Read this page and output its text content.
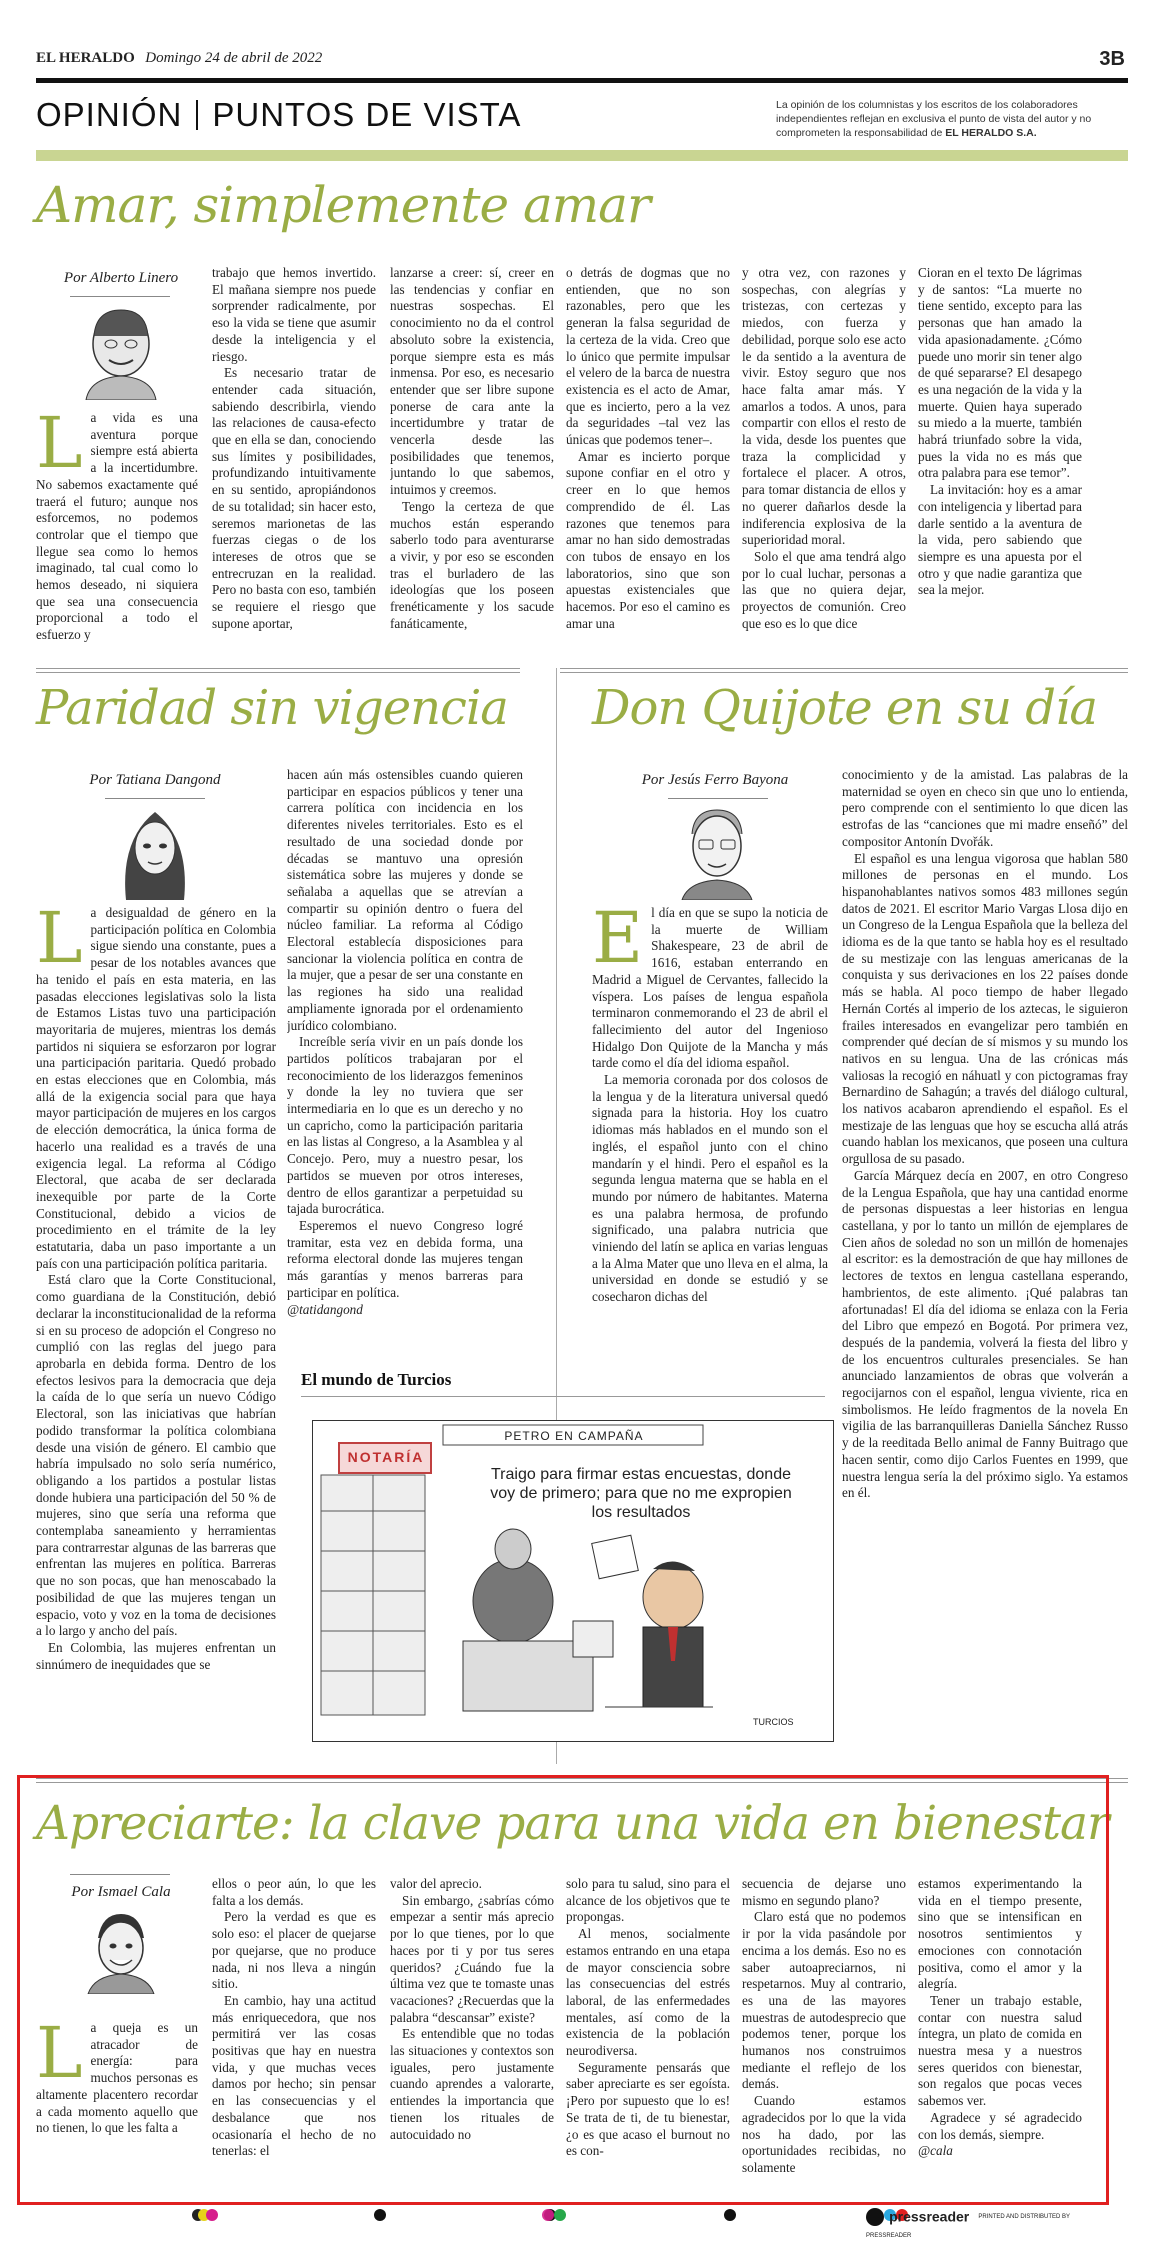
EL HERALDO Domingo 24 de abril de 2022	3B
OPINIÓN PUNTOS DE VISTA	La opinión de los columnistas y los escritos de los colaboradores independientes reflejan en exclusiva el punto de vista del autor y no comprometen la responsabilidad de EL HERALDO S.A.
Amar, simplemente amar
Por Alberto Linero
L a vida es una aventura porque siempre está abierta a la incertidumbre. No sabemos exactamente qué traerá el futuro; aunque nos esforcemos, no podemos controlar que el tiempo que llegue sea como lo hemos imaginado, tal cual como lo hemos deseado, ni siquiera que sea una consecuencia proporcional a todo el esfuerzo y

trabajo que hemos invertido. El mañana siempre nos puede sorprender radicalmente, por eso la vida se tiene que asumir desde la inteligencia y el riesgo.

Es necesario tratar de entender cada situación, sabiendo describirla, viendo las relaciones de causa-efecto que en ella se dan, conociendo sus límites y posibilidades, profundizando intuitivamente en su sentido, apropiándonos de su totalidad; sin hacer esto, seremos marionetas de las fuerzas ciegas o de los intereses de otros que se entrecruzan en la realidad. Pero no basta con eso, también se requiere el riesgo que supone aportar,

lanzarse a creer: sí, creer en las tendencias y confiar en nuestras sospechas. El conocimiento no da el control absoluto sobre la existencia, porque siempre esta es más inmensa. Por eso, es necesario entender que ser libre supone ponerse de cara ante la incertidumbre y tratar de vencerla desde las posibilidades que tenemos, juntando lo que sabemos, intuimos y creemos.

Tengo la certeza de que muchos están esperando saberlo todo para aventurarse a vivir, y por eso se esconden tras el burladero de las ideologías que los poseen frenéticamente y los sacude fanáticamente,

o detrás de dogmas que no entienden, que no son razonables, pero que les generan la falsa seguridad de la certeza de la vida. Creo que lo único que permite impulsar el velero de la barca de nuestra existencia es el acto de Amar, que es incierto, pero a la vez da seguridades –tal vez las únicas que podemos tener–.

Amar es incierto porque supone confiar en el otro y creer en lo que hemos comprendido de él. Las razones que tenemos para amar no han sido demostradas con tubos de ensayo en los laboratorios, sino que son apuestas existenciales que hacemos. Por eso el camino es amar una

y otra vez, con razones y sospechas, con alegrías y tristezas, con certezas y miedos, con fuerza y debilidad, porque solo ese acto le da sentido a la aventura de vivir. Estoy seguro que nos hace falta amar más. Y amarlos a todos. A unos, para compartir con ellos el resto de la vida, desde los puentes que traza la complicidad y fortalece el placer. A otros, para tomar distancia de ellos y no querer dañarlos desde la indiferencia explosiva de la superioridad moral.

Solo el que ama tendrá algo por lo cual luchar, personas a las que no quiera dejar, proyectos de comunión. Creo que eso es lo que dice

Cioran en el texto De lágrimas y de santos: “La muerte no tiene sentido, excepto para las personas que han amado la vida apasionadamente. ¿Cómo puede uno morir sin tener algo de qué separarse? El desapego es una negación de la vida y la muerte. Quien haya superado su miedo a la muerte, también habrá triunfado sobre la vida, pues la vida no es más que otra palabra para ese temor”.

La invitación: hoy es a amar con inteligencia y libertad para darle sentido a la aventura de la vida, pero sabiendo que siempre es una apuesta por el otro y que nadie garantiza que sea la mejor.

Paridad sin vigencia
Por Tatiana Dangond
L a desigualdad de género en la participación política en Colombia sigue siendo una constante, pues a pesar de los notables avances que ha tenido el país en esta materia, en las pasadas elecciones legislativas solo la lista de Estamos Listas tuvo una participación mayoritaria de mujeres, mientras los demás partidos ni siquiera se esforzaron por lograr una participación paritaria. Quedó probado en estas elecciones que en Colombia, más allá de la exigencia social para que haya mayor participación de mujeres en los cargos de elección democrática, la única forma de hacerlo una realidad es a través de una exigencia legal. La reforma al Código Electoral, que acaba de ser declarada inexequible por parte de la Corte Constitucional, debido a vicios de procedimiento en el trámite de la ley estatutaria, daba un paso importante a un país con una participación política paritaria.

Está claro que la Corte Constitucional, como guardiana de la Constitución, debió declarar la inconstitucionalidad de la reforma si en su proceso de adopción el Congreso no cumplió con las reglas del juego para aprobarla en debida forma. Dentro de los efectos lesivos para la democracia que deja la caída de lo que sería un nuevo Código Electoral, son las iniciativas que habrían podido transformar la política colombiana desde una visión de género. El cambio que habría impulsado no solo sería numérico, obligando a los partidos a postular listas donde hubiera una participación del 50 % de mujeres, sino que sería una reforma que contemplaba saneamiento y herramientas para contrarrestar algunas de las barreras que enfrentan las mujeres en política. Barreras que no son pocas, que han menoscabado la posibilidad de que las mujeres tengan un espacio, voto y voz en la toma de decisiones a lo largo y ancho del país.

En Colombia, las mujeres enfrentan un sinnúmero de inequidades que se

hacen aún más ostensibles cuando quieren participar en espacios públicos y tener una carrera política con incidencia en los diferentes niveles territoriales. Esto es el resultado de una sociedad donde por décadas se mantuvo una opresión sistemática sobre las mujeres y donde se señalaba a aquellas que se atrevían a compartir su opinión dentro o fuera del núcleo familiar. La reforma al Código Electoral establecía disposiciones para sancionar la violencia política en contra de la mujer, que a pesar de ser una constante en las regiones ha sido una realidad ampliamente ignorada por el ordenamiento jurídico colombiano.

Increíble sería vivir en un país donde los partidos políticos trabajaran por el reconocimiento de los liderazgos femeninos y donde la ley no tuviera que ser intermediaria en lo que es un derecho y no un capricho, como la participación paritaria en las listas al Congreso, a la Asamblea y al Concejo. Pero, muy a nuestro pesar, los partidos se mueven por otros intereses, dentro de ellos garantizar a perpetuidad su tajada burocrática.

Esperemos el nuevo Congreso logré tramitar, esta vez en debida forma, una reforma electoral donde las mujeres tengan más garantías y menos barreras para participar en política.

@tatidangond

Don Quijote en su día
Por Jesús Ferro Bayona
E l día en que se supo la noticia de la muerte de William Shakespeare, 23 de abril de 1616, estaban enterrando en Madrid a Miguel de Cervantes, fallecido la víspera. Los países de lengua española terminaron conmemorando el 23 de abril el fallecimiento del autor del Ingenioso Hidalgo Don Quijote de la Mancha y más tarde como el día del idioma español.

La memoria coronada por dos colosos de la lengua y de la literatura universal quedó signada para la historia. Hoy los cuatro idiomas más hablados en el mundo son el inglés, el español junto con el chino mandarín y el hindi. Pero el español es la segunda lengua materna que se habla en el mundo por número de habitantes. Materna es una palabra hermosa, de profundo significado, una palabra nutricia que viniendo del latín se aplica en varias lenguas a la Alma Mater que uno lleva en el alma, la universidad en donde se estudió y se cosecharon dichas del

conocimiento y de la amistad. Las palabras de la maternidad se oyen en checo sin que uno lo entienda, pero comprende con el sentimiento lo que dicen las estrofas de las “canciones que mi madre enseñó” del compositor Antonín Dvořák.

El español es una lengua vigorosa que hablan 580 millones de personas en el mundo. Los hispanohablantes nativos somos 483 millones según datos de 2021. El escritor Mario Vargas Llosa dijo en un Congreso de la Lengua Española que la belleza del idioma es de la que tanto se habla hoy es el resultado de su mestizaje con las lenguas americanas de la conquista y sus derivaciones en los 22 países donde más se habla. Al poco tiempo de haber llegado Hernán Cortés al imperio de los aztecas, le siguieron frailes interesados en evangelizar pero también en comprender qué decían de sí mismos y su mundo los nativos en su lengua. Una de las crónicas más valiosas la recogió en náhuatl y con pictogramas fray Bernardino de Sahagún; a través del diálogo cultural, los nativos acabaron aprendiendo el español. Es el mestizaje de las lenguas que hoy se escucha allá atrás cuando hablan los mexicanos, que poseen una cultura orgullosa de su pasado.

García Márquez decía en 2007, en otro Congreso de la Lengua Española, que hay una cantidad enorme de personas dispuestas a leer historias en lengua castellana, y por lo tanto un millón de ejemplares de Cien años de soledad no son un millón de homenajes al escritor: es la demostración de que hay millones de lectores de textos en lengua castellana esperando, hambrientos, de este alimento. ¡Qué palabras tan afortunadas! El día del idioma se enlaza con la Feria del Libro que empezó en Bogotá. Por primera vez, después de la pandemia, volverá la fiesta del libro y de los encuentros culturales presenciales. Se han anunciado lanzamientos de obras que volverán a regocijarnos con el español, lengua viviente, rica en simbolismos. He leído fragmentos de la novela En vigilia de las barranquilleras Daniella Sánchez Russo y de la reeditada Bello animal de Fanny Buitrago que hacen sentir, como dijo Carlos Fuentes en 1999, que nuestra lengua sería la del próximo siglo. Ya estamos en él.

El mundo de Turcios
PETRO EN CAMPAÑA
NOTARÍA
Traigo para firmar estas encuestas, donde voy de primero; para que no me expropien los resultados
TURCIOS
Apreciarte: la clave para una vida en bienestar
Por Ismael Cala
L a queja es un atracador de energía: para muchos personas es altamente placentero recordar a cada momento aquello que no tienen, lo que les falta a

ellos o peor aún, lo que les falta a los demás.

Pero la verdad es que es solo eso: el placer de quejarse por quejarse, que no produce nada, ni nos lleva a ningún sitio.

En cambio, hay una actitud más enriquecedora, que nos permitirá ver las cosas positivas que hay en nuestra vida, y que muchas veces damos por hecho; sin pensar en las consecuencias y el desbalance que nos ocasionaría el hecho de no tenerlas: el

valor del aprecio.

Sin embargo, ¿sabrías cómo empezar a sentir más aprecio por lo que tienes, por lo que haces por ti y por tus seres queridos? ¿Cuándo fue la última vez que te tomaste unas vacaciones? ¿Recuerdas que la palabra “descansar” existe?

Es entendible que no todas las situaciones y contextos son iguales, pero justamente cuando aprendes a valorarte, entiendes la importancia que tienen los rituales de autocuidado no

solo para tu salud, sino para el alcance de los objetivos que te propongas.

Al menos, socialmente estamos entrando en una etapa de mayor consciencia sobre las consecuencias del estrés laboral, de las enfermedades mentales, así como de la existencia de la población neurodiversa.

Seguramente pensarás que saber apreciarte es ser egoísta. ¡Pero por supuesto que lo es! Se trata de ti, de tu bienestar, ¿o es que acaso el burnout no es con-

secuencia de dejarse uno mismo en segundo plano?

Claro está que no podemos ir por la vida pasándole por encima a los demás. Eso no es saber autoapreciarnos, ni respetarnos. Muy al contrario, es una de las mayores muestras de autodesprecio que podemos tener, porque los humanos nos construimos mediante el reflejo de los demás.

Cuando estamos agradecidos por lo que la vida nos ha dado, por las oportunidades recibidas, no solamente

estamos experimentando la vida en el tiempo presente, sino que se intensifican en nosotros sentimientos y emociones con connotación positiva, como el amor y la alegría.

Tener un trabajo estable, contar con nuestra salud íntegra, un plato de comida en nuestra mesa y a nuestros seres queridos con bienestar, son regalos que pocas veces sabemos ver.

Agradece y sé agradecido con los demás, siempre.

@cala

pressreader PRINTED AND DISTRIBUTED BY PRESSREADER
